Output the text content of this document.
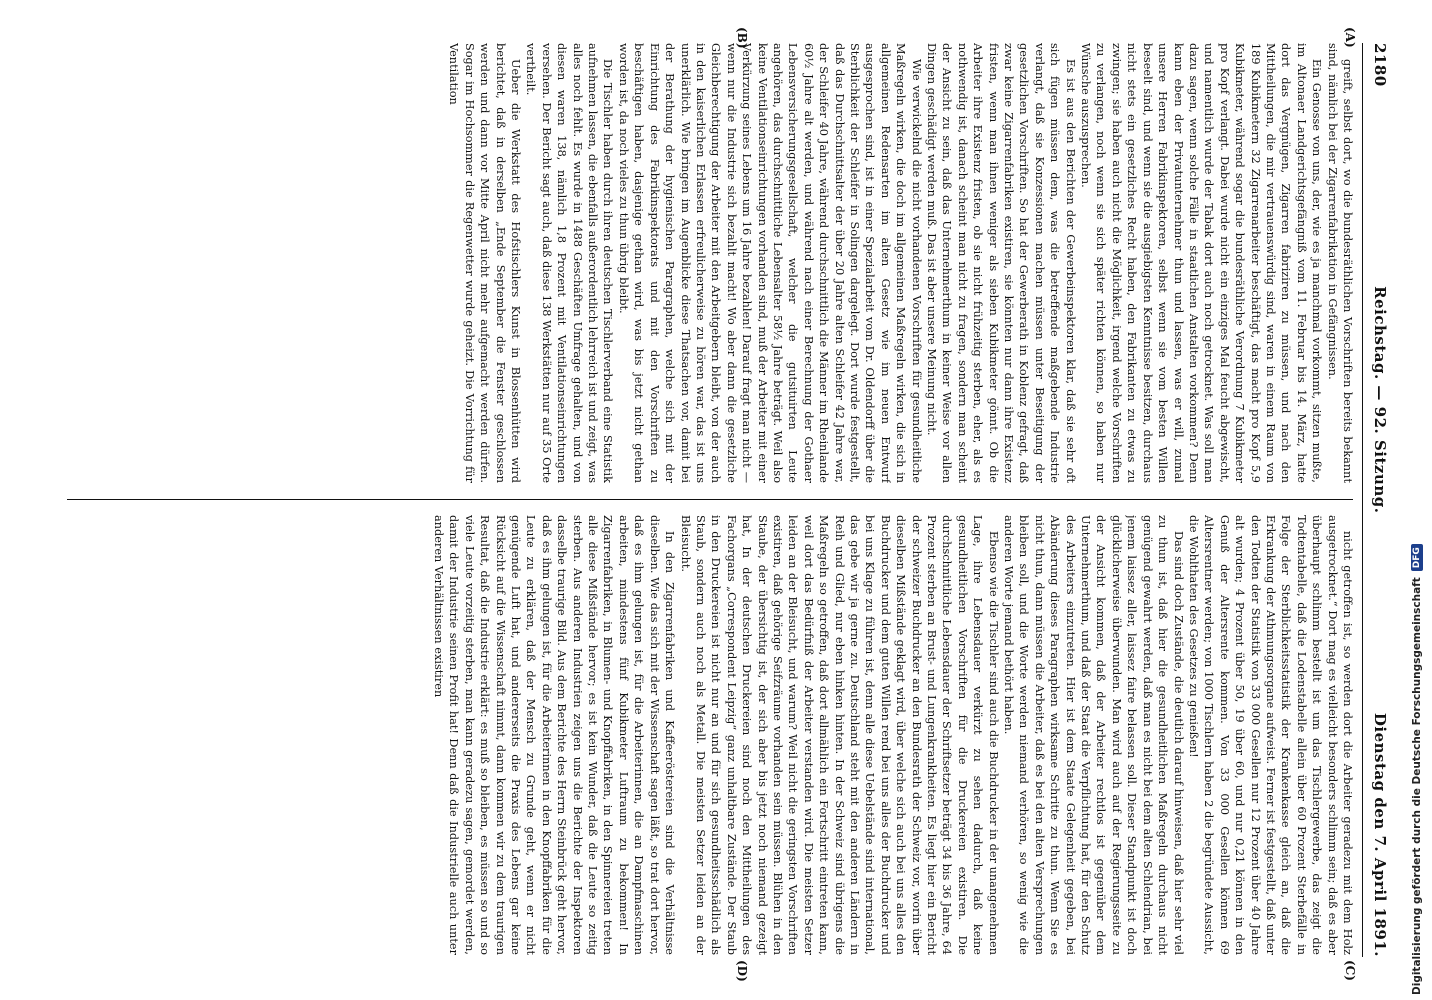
2180
Reichstag. — 92. Sitzung.
Dienstag den 7. April 1891.
(A)
(B)
(C)
(D)

greift, selbst dort, wo die bundesräthlichen Vorschriften bereits bekannt sind, nämlich bei der Zigarrenfabrikation in Gefängnissen.

Ein Genosse von uns, der, wie es ja manchmal vorkommt, sitzen mußte, im Altonaer Landgerichtsgefängniß vom 11. Februar bis 14. März, hatte dort das Vergnügen, Zigarren fabriziren zu müssen, und nach den Mittheilungen, die mir vertrauenswürdig sind, waren in einem Raum von 189 Kubikmetern 32 Zigarrenarbeiter beschäftigt, das macht pro Kopf 5,9 Kubikmeter, während sogar die bundesräthliche Verordnung 7 Kubikmeter pro Kopf verlangt. Dabei wurde nicht ein einziges Mal feucht abgewischt, und namentlich wurde der Tabak dort auch noch getrocknet. Was soll man dazu sagen, wenn solche Fälle in staatlichen Anstalten vorkommen? Denn kann eben der Privatunternehmer thun und lassen, was er will, zumal unsere Herren Fabrikinspektoren, selbst wenn sie vom besten Willen beseelt sind, und wenn sie die ausgiebigsten Kenntnisse besitzen, durchaus nicht stets ein gesetzliches Recht haben, den Fabrikanten zu etwas zu zwingen; sie haben auch nicht die Möglichkeit, irgend welche Vorschriften zu verlangen, noch wenn sie sich später richten können, so haben nur Wünsche auszusprechen.

Es ist aus den Berichten der Gewerbeinspektoren klar, daß sie sehr oft sich fügen müssen dem, was die betreffende maßgebende Industrie verlangt, daß sie Konzessionen machen müssen unter Beseitigung der gesetzlichen Vorschriften. So hat der Gewerberath in Koblenz gefragt, daß zwar keine Zigarrenfabriken existiren, sie könnten nur dann ihre Existenz fristen, wenn man ihnen weniger als sieben Kubikmeter gönnt. Ob die Arbeiter ihre Existenz fristen, ob sie nicht frühzeitig sterben, eher, als es nothwendig ist, danach scheint man nicht zu fragen, sondern man scheint der Ansicht zu sein, daß das Unternehmerthum in keiner Weise vor allen Dingen geschädigt werden muß. Das ist aber unsere Meinung nicht.

Wie verwickelnd die nicht vorhandenen Vorschriften für gesundheitliche Maßregeln wirken, die doch im allgemeinen Maßregeln wirken, die sich in allgemeinen Redensarten im alten Gesetz wie im neuen Entwurf ausgesprochen sind, ist in einer Spezialarbeit vom Dr. Oldendorff über die Sterblichkeit der Schleifer in Solingen dargelegt. Dort wurde festgestellt, daß das Durchschnittsalter der über 20 Jahre alten Schleifer 42 Jahre war, der Schleifer 40 Jahre, während durchschnittlich die Männer im Rheinlande 60½ Jahre alt werden, und während nach einer Berechnung der Gothaer Lebensversicherungsgesellschaft, welcher die gutsituirten Leute angehören, das durchschnittliche Lebensalter 58½ Jahre beträgt. Weil also keine Ventilationseinrichtungen vorhanden sind, muß der Arbeiter mit einer Verkürzung seines Lebens um 16 Jahre bezahlen! Darauf fragt man nicht — wenn nur die Industrie sich bezahlt macht! Wo aber dann die gesetzliche Gleichberechtigung der Arbeiter mit den Arbeitgebern bleibt, von der auch in den kaiserlichen Erlassen erfreulicherweise zu hören war, das ist uns unerklärlich. Wie bringen im Augenblicke diese Thatsachen vor, damit bei der Berathung der hygienischen Paragraphen, welche sich mit der Einrichtung des Fabrikinspektorats und mit den Vorschriften zu beschäftigen haben, dasjenige gethan wird, was bis jetzt nicht gethan worden ist, da noch vieles zu thun übrig bleibt.

Die Tischler haben durch ihren deutschen Tischlerverband eine Statistik aufnehmen lassen, die ebenfalls außerordentlich lehrreich ist und zeigt, was alles noch fehlt. Es wurde in 1488 Geschäften Umfrage gehalten, und von diesen waren 138, nämlich 1,8 Prozent mit Ventilationseinrichtungen versehen. Der Bericht sagt auch, daß diese 138 Werkstätten nur auf 35 Orte vertheilt.

Ueber die Werkstatt des Hofstischlers Kunst in Blossenhütten wird berichtet, daß in derselben „Ende September die Fenster geschlossen werden und dann vor Mitte April nicht mehr aufgemacht werden dürfen. Sogar im Hochsommer die Regenwetter wurde geheizt. Die Vorrichtung für Ventilation

nicht getroffen ist, so werden dort die Arbeiter geradezu mit dem Holz ausgetrocknet.“ Dort mag es vielleicht besonders schlimm sein; daß es aber überhaupt schlimm bestellt ist um das Tischlergewerbe, das zeigt die Todtentabelle, daß die Lodenstabelle allein über 60 Prozent Sterbefälle in Folge der Sterblichkeitsstatistik der Krankenkasse gleich an, daß die Erkrankung der Athmungsorgane aufweist. Ferner ist festgestellt, daß unter den Todten der Statistik von 33 000 Gesellen nur 12 Prozent über 40 Jahre alt wurden; 4 Prozent über 50, 19 über 60, und nur 0,21 können in den Genuß der Altersrente kommen. Von 33 000 Gesellen können 69 Altersrentner werden; von 1000 Tischlern haben 2 die begründete Aussicht, die Wohlthaten des Gesetzes zu genießen!

Das sind doch Zustände, die deutlich darauf hinweisen, daß hier sehr viel zu thun ist, daß hier die gesundheitlichen Maßregeln durchaus nicht genügend gewahrt werden, daß man es nicht bei dem alten Schlendrian, bei jenem laissez aller, laissez faire belassen soll. Dieser Standpunkt ist doch glücklicherweise überwunden. Man wird auch auf der Regierungsseite zu der Ansicht kommen, daß der Arbeiter rechtlos ist gegenüber dem Unternehmerthum, und daß der Staat die Verpflichtung hat, für den Schutz des Arbeiters einzutreten. Hier ist dem Staate Gelegenheit gegeben, bei Abänderung dieses Paragraphen wirksame Schritte zu thun. Wenn Sie es nicht thun, dann müssen die Arbeiter, daß es bei den alten Versprechungen bleiben soll, und die Worte werden niemand verhören, so wenig wie die anderen Worte jemand bethört haben.

Ebenso wie die Tischler sind auch die Buchdrucker in der unangenehmen Lage, ihre Lebensdauer verkürzt zu sehen dadurch, daß keine gesundheitlichen Vorschriften für die Druckereien existiren. Die durchschnittliche Lebensdauer der Schriftsetzer beträgt 34 bis 36 Jahre, 64 Prozent sterben an Brust- und Lungenkrankheiten. Es liegt hier ein Bericht der schweizer Buchdrucker an den Bundesrath der Schweiz vor, worin über dieselben Mißstände geklagt wird, über welche sich auch bei uns alles den Buchdrucker und dem guten Willen rend bei uns alles der Buchdrucker und bei uns Klage zu führen ist, denn alle diese Uebelstände sind international, das gebe wir ja gerne zu. Deutschland steht mit den anderen Ländern in Reih und Glied, nur eben hinken hinten. In der Schweiz sind übrigens die Maßregeln so getroffen, daß dort allmählich ein Fortschritt eintreten kann, weil dort das Bedürfniß der Arbeiter verstanden wird. Die meisten Setzer leiden an der Bleisucht, und warum? Weil nicht die geringsten Vorschriften existiren, daß gehörige Seifzräume vorhanden sein müssen. Blühen in den Staube, der übersichtig ist, der sich aber bis jetzt noch niemand gezeigt hat, In der deutschen Druckereien sind noch den Mittheilungen des Fachorgans „Correspondent Leipzig“ ganz unhaltbare Zustände. Der Staub in den Druckereien ist nicht nur an und für sich gesundheitsschädlich als Staub, sondern auch noch als Metall. Die meisten Setzer leiden an der Bleisucht.

In den Zigarrenfabriken und Kaffeeröstereien sind die Verhältnisse dieselben. Wie das sich mit der Wissenschaft sagen läßt, so trat dort hervor, daß es ihm gelungen ist, für die Arbeiterinnen, die an Dampfmaschinen arbeiten, mindestens fünf Kubikmeter Luftraum zu bekommen! In Zigarrenfabriken, in Blumen- und Knopffabriken, in den Spinnereien treten alle diese Mißstände hervor; es ist kein Wunder, daß die Leute so zeitig sterben. Aus anderen Industrien zeigen uns die Berichte der Inspektoren dasselbe traurige Bild. Aus dem Berichte des Herrn Steinbrück geht hervor, daß es ihm gelungen ist, für die Arbeiterinnen in den Knopffabriken für die Leute zu erklären, daß der Mensch zu Grunde geht, wenn er nicht genügende Luft hat, und andererseits die Praxis des Lebens gar keine Rücksicht auf die Wissenschaft nimmt, dann kommen wir zu dem traurigen Resultat, daß die Industrie erklärt: es muß so bleiben, es müssen so und so viele Leute vorzeitig sterben, man kann geradezu sagen, gemordet werden, damit der Industrie seinen Profit hat! Denn daß die Industrielle auch unter anderen Verhältnissen existiren	Digitalisierung gefördert durch die Deutsche Forschungsgemeinschaft
DFG
